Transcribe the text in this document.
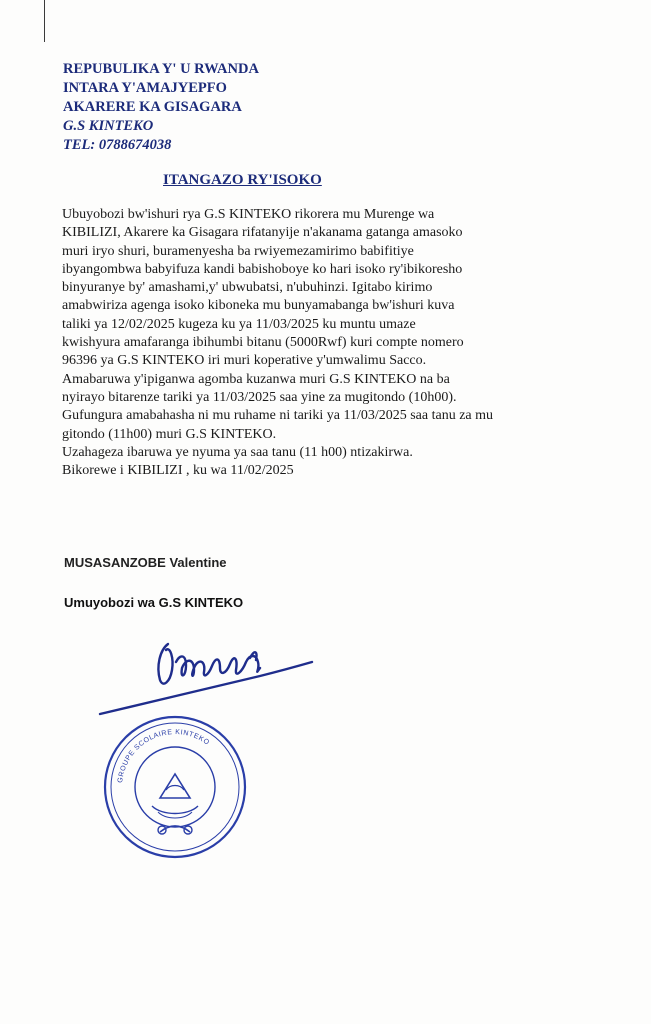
REPUBULIKA Y' U RWANDA
INTARA Y'AMAJYEPFO
AKARERE KA GISAGARA
G.S KINTEKO
TEL: 0788674038
ITANGAZO RY'ISOKO
Ubuyobozi bw'ishuri rya G.S KINTEKO rikorera mu Murenge wa
KIBILIZI, Akarere ka Gisagara rifatanyije n'akanama gatanga amasoko
muri iryo shuri, buramenyesha ba rwiyemezamirimo babifitiye
ibyangombwa babyifuza kandi babishoboye ko hari isoko ry'ibikoresho
binyuranye by' amashami,y' ubwubatsi, n'ubuhinzi. Igitabo kirimo
amabwiriza agenga isoko kiboneka mu bunyamabanga bw'ishuri kuva
taliki ya 12/02/2025 kugeza ku ya 11/03/2025 ku muntu umaze
kwishyura amafaranga ibihumbi bitanu (5000Rwf) kuri compte nomero
96396 ya G.S KINTEKO iri muri koperative y'umwalimu Sacco.
Amabaruwa y'ipiganwa agomba kuzanwa muri G.S KINTEKO na ba
nyirayo bitarenze tariki ya 11/03/2025 saa yine za mugitondo (10h00).
Gufungura amabahasha ni mu ruhame ni tariki ya 11/03/2025 saa tanu za mu
gitondo (11h00) muri G.S KINTEKO.
Uzahageza ibaruwa ye nyuma ya saa tanu (11 h00) ntizakirwa.
Bikorewe i KIBILIZI , ku wa 11/02/2025
MUSASANZOBE Valentine
Umuyobozi wa G.S KINTEKO
GROUPE SCOLAIRE KINTEKO
